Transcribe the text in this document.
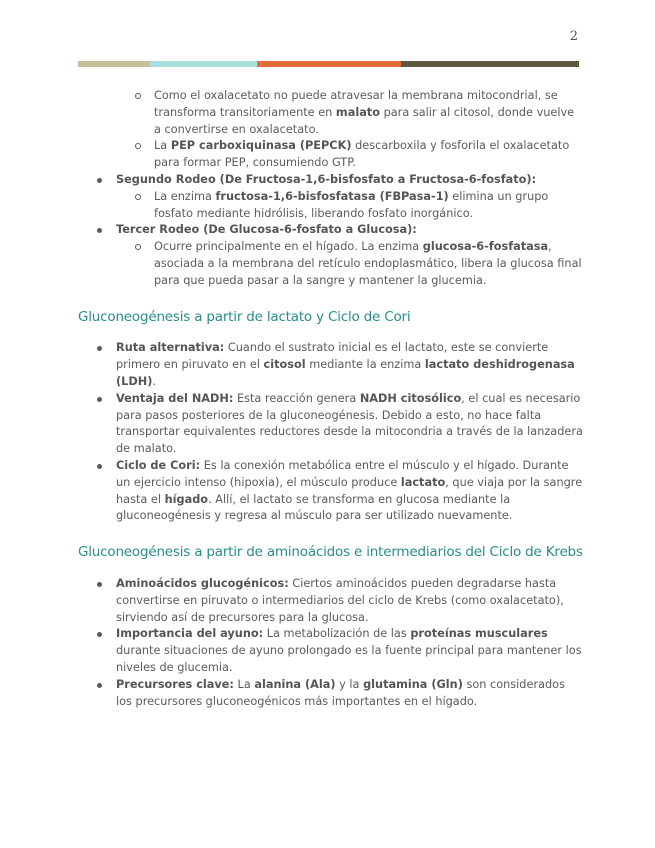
2
Como el oxalacetato no puede atravesar la membrana mitocondrial, se transforma transitoriamente en malato para salir al citosol, donde vuelve a convertirse en oxalacetato.
La PEP carboxiquinasa (PEPCK) descarboxila y fosforila el oxalacetato para formar PEP, consumiendo GTP.
Segundo Rodeo (De Fructosa-1,6-bisfosfato a Fructosa-6-fosfato):
La enzima fructosa-1,6-bisfosfatasa (FBPasa-1) elimina un grupo fosfato mediante hidrólisis, liberando fosfato inorgánico.
Tercer Rodeo (De Glucosa-6-fosfato a Glucosa):
Ocurre principalmente en el hígado. La enzima glucosa-6-fosfatasa, asociada a la membrana del retículo endoplasmático, libera la glucosa final para que pueda pasar a la sangre y mantener la glucemia.
Gluconeogénesis a partir de lactato y Ciclo de Cori
Ruta alternativa: Cuando el sustrato inicial es el lactato, este se convierte primero en piruvato en el citosol mediante la enzima lactato deshidrogenasa (LDH).
Ventaja del NADH: Esta reacción genera NADH citosólico, el cual es necesario para pasos posteriores de la gluconeogénesis. Debido a esto, no hace falta transportar equivalentes reductores desde la mitocondria a través de la lanzadera de malato.
Ciclo de Cori: Es la conexión metabólica entre el músculo y el hígado. Durante un ejercicio intenso (hipoxia), el músculo produce lactato, que viaja por la sangre hasta el hígado. Allí, el lactato se transforma en glucosa mediante la gluconeogénesis y regresa al músculo para ser utilizado nuevamente.
Gluconeogénesis a partir de aminoácidos e intermediarios del Ciclo de Krebs
Aminoácidos glucogénicos: Ciertos aminoácidos pueden degradarse hasta convertirse en piruvato o intermediarios del ciclo de Krebs (como oxalacetato), sirviendo así de precursores para la glucosa.
Importancia del ayuno: La metabolización de las proteínas musculares durante situaciones de ayuno prolongado es la fuente principal para mantener los niveles de glucemia.
Precursores clave: La alanina (Ala) y la glutamina (Gln) son considerados los precursores gluconeogénicos más importantes en el hígado.
